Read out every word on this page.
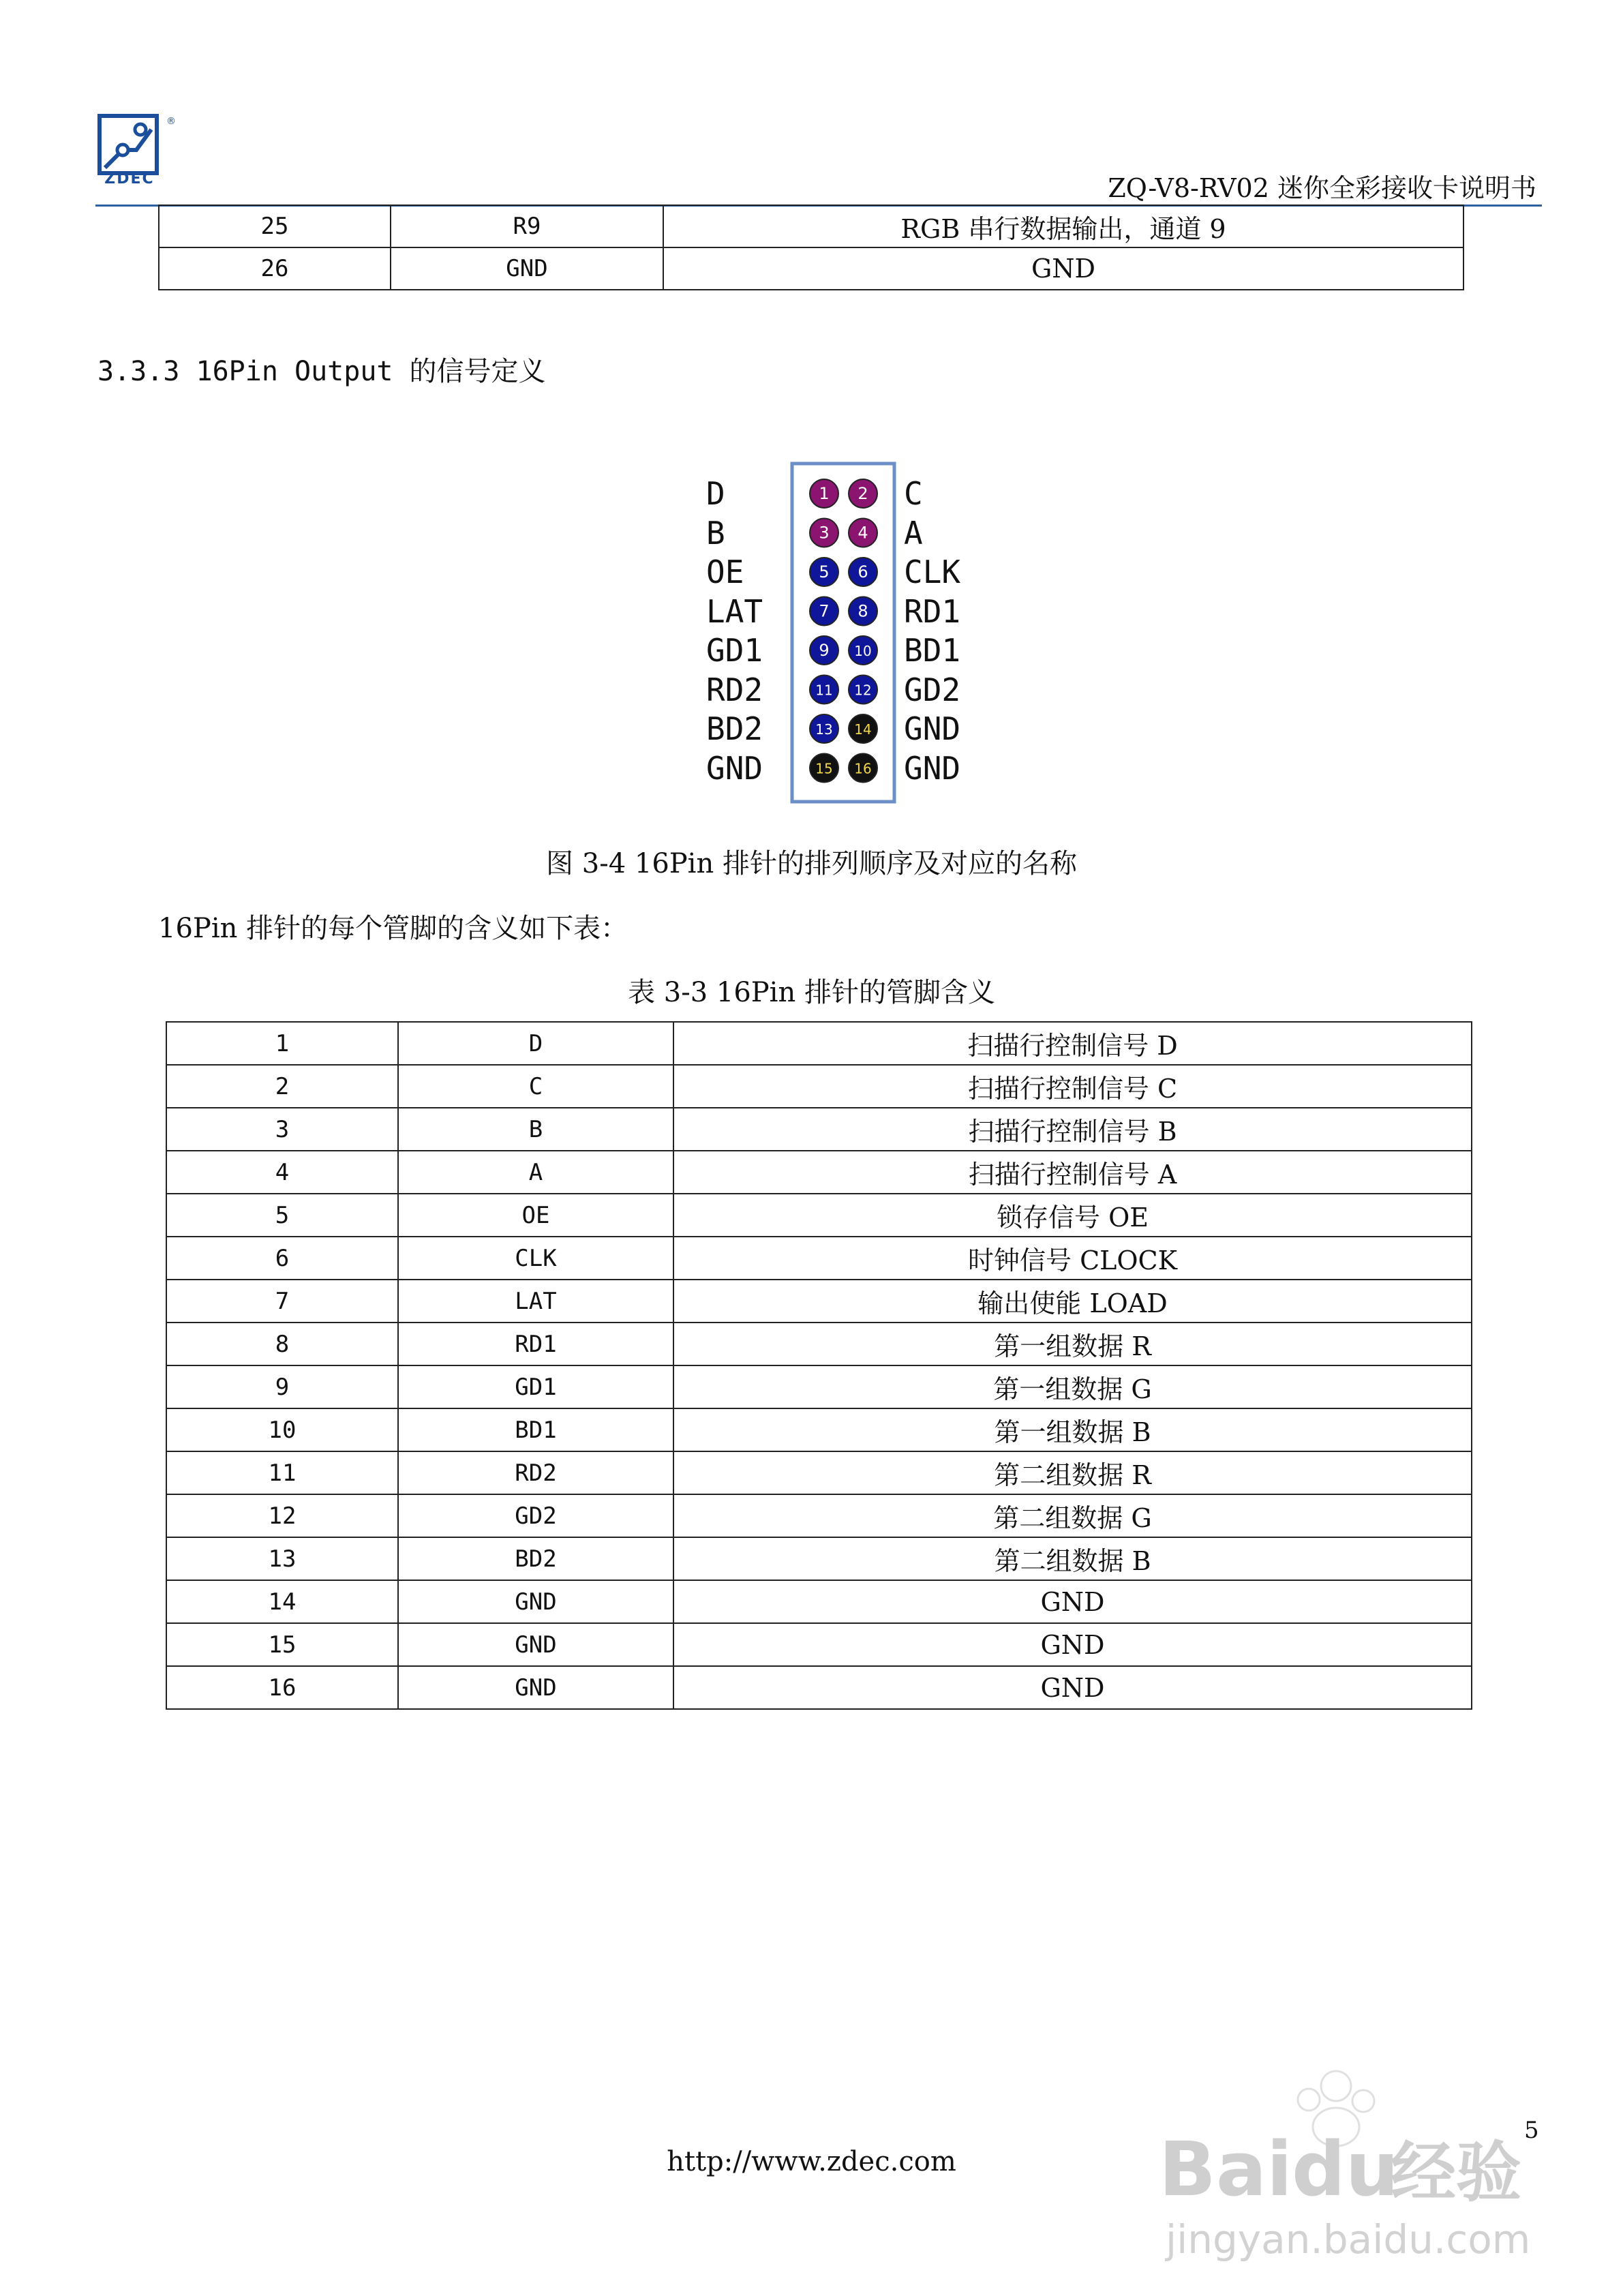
®
ZDEC	ZQ-V8-RV02 迷你全彩接收卡说明书
25	R9	RGB 串行数据输出，通道 9
26	GND	GND
3.3.3 16Pin Output 的信号定义
D
B
OE
LAT
GD1
RD2
BD2
GND
1 2
3 4
5 6
7 8
9 10
11 12
13 14
15 16
C
A
CLK
RD1
BD1
GD2
GND
GND
图 3-4 16Pin 排针的排列顺序及对应的名称
16Pin 排针的每个管脚的含义如下表：
表 3-3 16Pin 排针的管脚含义
1	D	扫描行控制信号 D
2	C	扫描行控制信号 C
3	B	扫描行控制信号 B
4	A	扫描行控制信号 A
5	OE	锁存信号 OE
6	CLK	时钟信号 CLOCK
7	LAT	输出使能 LOAD
8	RD1	第一组数据 R
9	GD1	第一组数据 G
10	BD1	第一组数据 B
11	RD2	第二组数据 R
12	GD2	第二组数据 G
13	BD2	第二组数据 B
14	GND	GND
15	GND	GND
16	GND	GND
5
http://www.zdec.com	Bai du
经验
jingyan.baidu.com
